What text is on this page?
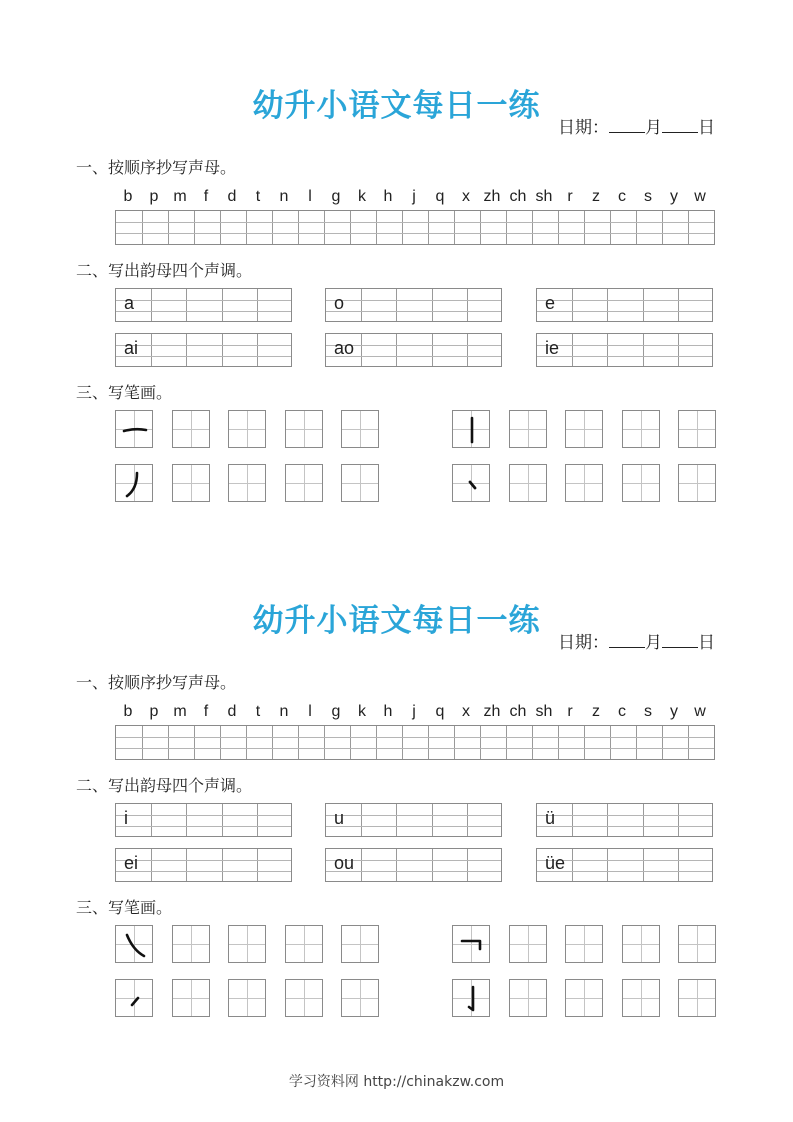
幼升小语文每日一练
日期： 月 日
一、按顺序抄写声母。
b	p m	f	d	t	n	l	g	k	h	j	q	x zh ch sh r	z	c	s	y	w
二、写出韵母四个声调。
a	o	e
ai	ao	ie
三、写笔画。
幼升小语文每日一练
日期： 月 日
一、按顺序抄写声母。
b	p m	f	d	t	n	l	g	k	h	j	q	x zh ch sh r	z	c	s	y	w
二、写出韵母四个声调。
i	u	ü
ei	ou	üe
三、写笔画。
学习资料网 http://chinakzw.com
